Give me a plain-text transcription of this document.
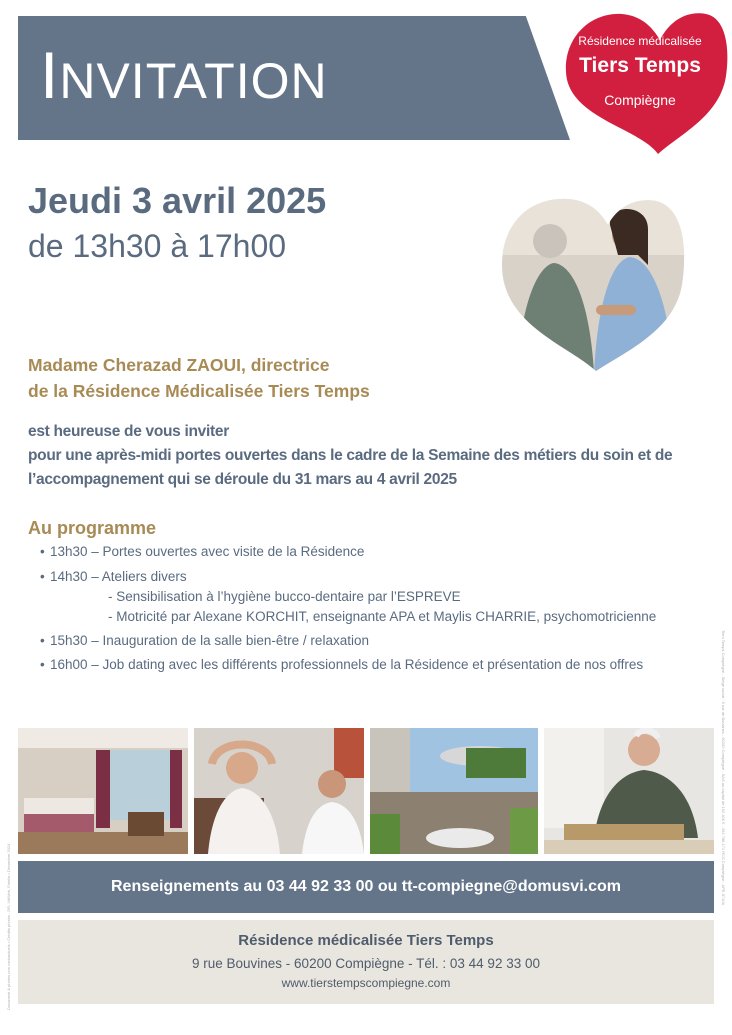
INVITATION
Résidence médicalisée
Tiers Temps
Compiègne
Jeudi 3 avril 2025
de 13h30 à 17h00
Madame Cherazad ZAOUI, directrice
de la Résidence Médicalisée Tiers Temps
est heureuse de vous inviter
pour une après-midi portes ouvertes dans le cadre de la Semaine des métiers du soin et de
l’accompagnement qui se déroule du 31 mars au 4 avril 2025
Au programme
• 13h30 – Portes ouvertes avec visite de la Résidence
• 14h30 – Ateliers divers
- Sensibilisation à l’hygiène bucco-dentaire par l’ESPREVE
- Motricité par Alexane KORCHIT, enseignante APA et Maylis CHARRIE, psychomotricienne
• 15h30 – Inauguration de la salle bien-être / relaxation
• 16h00 – Job dating avec les différents professionnels de la Résidence et présentation de nos offres
Renseignements au 03 44 92 33 00 ou tt-compiegne@domusvi.com
Résidence médicalisée Tiers Temps
9 rue Bouvines - 60200 Compiègne - Tél. : 03 44 92 33 00
www.tierstempscompiegne.com
Document & photos non contractuels • Crédits photos : DR, VitiWeb, Fotolia • Décembre 2024
Tiers Temps Compiègne - Siège social : 9 rue de Bouvines - 60200 Compiègne - SAS au capital de 152 400 € - 392 788 171 RCS Compiègne - APE 8710A
